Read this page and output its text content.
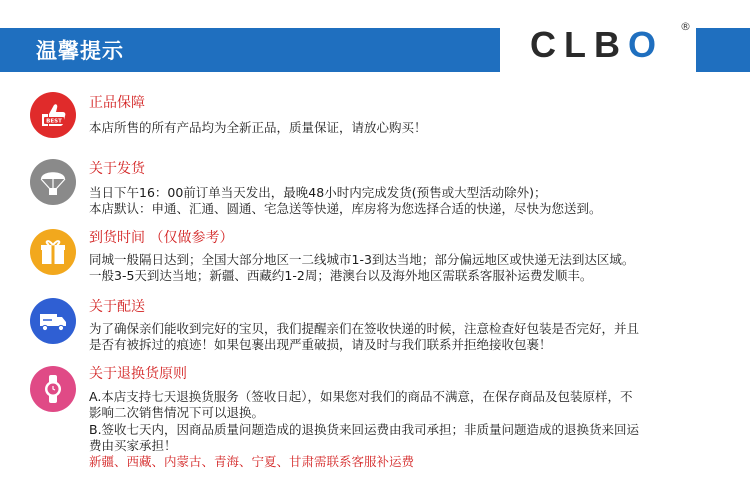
温馨提示	CLBO ®
BEST
正品保障
本店所售的所有产品均为全新正品，质量保证，请放心购买！
关于发货
当日下午16：00前订单当天发出，最晚48小时内完成发货(预售或大型活动除外)；
本店默认：申通、汇通、圆通、宅急送等快递，库房将为您选择合适的快递，尽快为您送到。
到货时间 （仅做参考）
同城一般隔日达到；全国大部分地区一二线城市1-3到达当地；部分偏远地区或快递无法到达区域。
一般3-5天到达当地；新疆、西藏约1-2周；港澳台以及海外地区需联系客服补运费发顺丰。
关于配送
为了确保亲们能收到完好的宝贝，我们提醒亲们在签收快递的时候，注意检查好包装是否完好，并且
是否有被拆过的痕迹！如果包裹出现严重破损，请及时与我们联系并拒绝接收包裹！
关于退换货原则
A.本店支持七天退换货服务（签收日起），如果您对我们的商品不满意，在保存商品及包装原样，不
影响二次销售情况下可以退换。
B.签收七天内，因商品质量问题造成的退换货来回运费由我司承担；非质量问题造成的退换货来回运
费由买家承担！
新疆、西藏、内蒙古、青海、宁夏、甘肃需联系客服补运费
